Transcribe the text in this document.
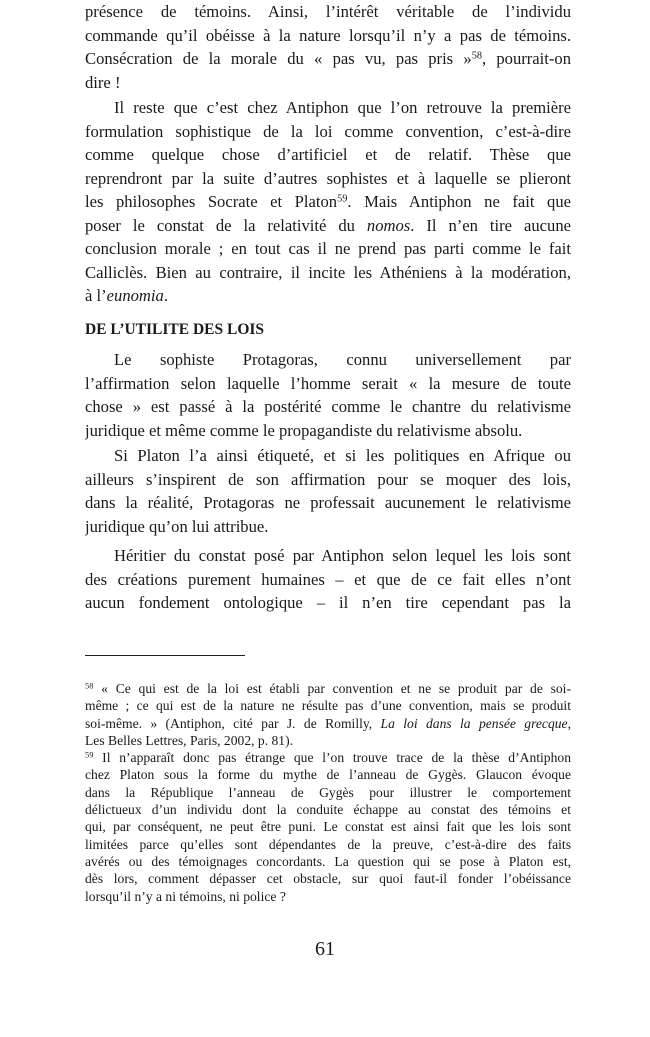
présence de témoins. Ainsi, l’intérêt véritable de l’individu
commande qu’il obéisse à la nature lorsqu’il n’y a pas de témoins.
Consécration de la morale du « pas vu, pas pris »$^{58}$, pourrait-on
dire !
Il reste que c’est chez Antiphon que l’on retrouve la première
formulation sophistique de la loi comme convention, c’est-à-dire
comme quelque chose d’artificiel et de relatif. Thèse que
reprendront par la suite d’autres sophistes et à laquelle se plieront
les philosophes Socrate et Platon$^{59}$. Mais Antiphon ne fait que
poser le constat de la relativité du nomos. Il n’en tire aucune
conclusion morale ; en tout cas il ne prend pas parti comme le fait
Calliclès. Bien au contraire, il incite les Athéniens à la modération,
à l’eunomia.
DE L’UTILITE DES LOIS
Le sophiste Protagoras, connu universellement par
l’affirmation selon laquelle l’homme serait « la mesure de toute
chose » est passé à la postérité comme le chantre du relativisme
juridique et même comme le propagandiste du relativisme absolu.
Si Platon l’a ainsi étiqueté, et si les politiques en Afrique ou
ailleurs s’inspirent de son affirmation pour se moquer des lois,
dans la réalité, Protagoras ne professait aucunement le relativisme
juridique qu’on lui attribue.
Héritier du constat posé par Antiphon selon lequel les lois sont
des créations purement humaines – et que de ce fait elles n’ont
aucun fondement ontologique – il n’en tire cependant pas la
$^{58}$ « Ce qui est de la loi est établi par convention et ne se produit par de soi-
même ; ce qui est de la nature ne résulte pas d’une convention, mais se produit
soi-même. » (Antiphon, cité par J. de Romilly, La loi dans la pensée grecque,
Les Belles Lettres, Paris, 2002, p. 81).
$^{59}$ Il n’apparaît donc pas étrange que l’on trouve trace de la thèse d’Antiphon
chez Platon sous la forme du mythe de l’anneau de Gygès. Glaucon évoque
dans la République l’anneau de Gygès pour illustrer le comportement
délictueux d’un individu dont la conduite échappe au constat des témoins et
qui, par conséquent, ne peut être puni. Le constat est ainsi fait que les lois sont
limitées parce qu’elles sont dépendantes de la preuve, c’est-à-dire des faits
avérés ou des témoignages concordants. La question qui se pose à Platon est,
dès lors, comment dépasser cet obstacle, sur quoi faut-il fonder l’obéissance
lorsqu’il n’y a ni témoins, ni police ?
61
